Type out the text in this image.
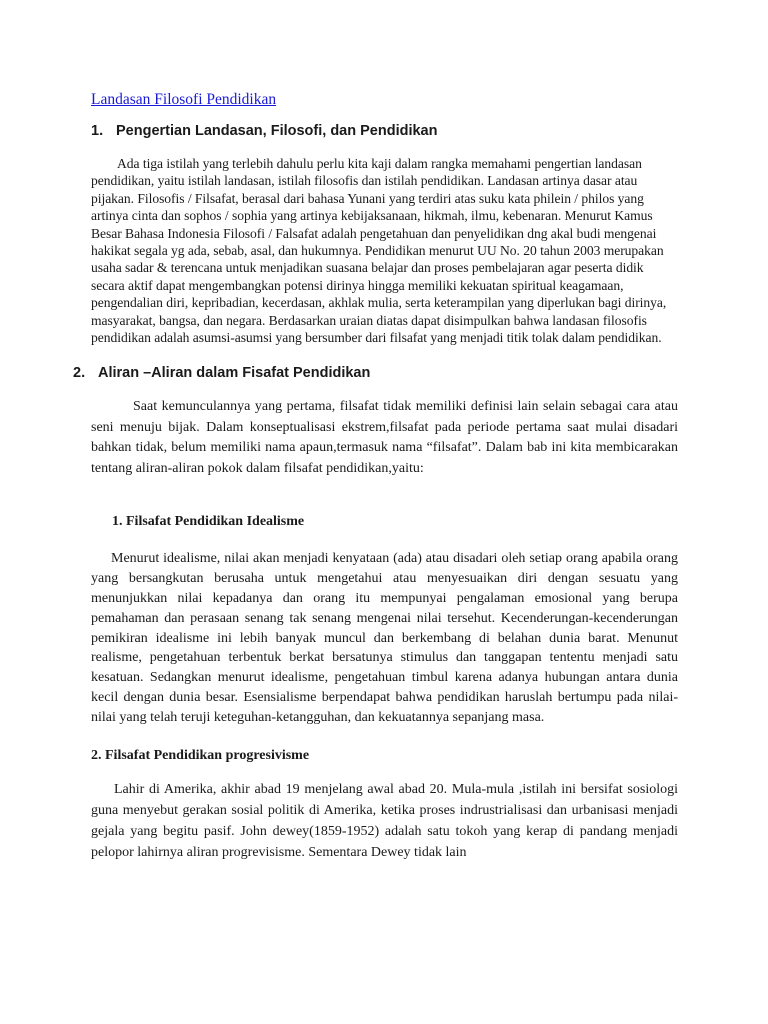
Landasan Filosofi Pendidikan
1. Pengertian Landasan, Filosofi, dan Pendidikan

Ada tiga istilah yang terlebih dahulu perlu kita kaji dalam rangka memahami pengertian landasan pendidikan, yaitu istilah landasan, istilah filosofis dan istilah pendidikan. Landasan artinya dasar atau pijakan. Filosofis / Filsafat, berasal dari bahasa Yunani yang terdiri atas suku kata philein / philos yang artinya cinta dan sophos / sophia yang artinya kebijaksanaan, hikmah, ilmu, kebenaran. Menurut Kamus Besar Bahasa Indonesia Filosofi / Falsafat adalah pengetahuan dan penyelidikan dng akal budi mengenai hakikat segala yg ada, sebab, asal, dan hukumnya. Pendidikan menurut UU No. 20 tahun 2003 merupakan usaha sadar & terencana untuk menjadikan suasana belajar dan proses pembelajaran agar peserta didik secara aktif dapat mengembangkan potensi dirinya hingga memiliki kekuatan spiritual keagamaan, pengendalian diri, kepribadian, kecerdasan, akhlak mulia, serta keterampilan yang diperlukan bagi dirinya, masyarakat, bangsa, dan negara. Berdasarkan uraian diatas dapat disimpulkan bahwa landasan filosofis pendidikan adalah asumsi-asumsi yang bersumber dari filsafat yang menjadi titik tolak dalam pendidikan.

2. Aliran –Aliran dalam Fisafat Pendidikan

Saat kemunculannya yang pertama, filsafat tidak memiliki definisi lain selain sebagai cara atau seni menuju bijak. Dalam konseptualisasi ekstrem,filsafat pada periode pertama saat mulai disadari bahkan tidak, belum memiliki nama apaun,termasuk nama “filsafat”. Dalam bab ini kita membicarakan tentang aliran-aliran pokok dalam filsafat pendidikan,yaitu:

1. Filsafat Pendidikan Idealisme

Menurut idealisme, nilai akan menjadi kenyataan (ada) atau disadari oleh setiap orang apabila orang yang bersangkutan berusaha untuk mengetahui atau menyesuaikan diri dengan sesuatu yang menunjukkan nilai kepadanya dan orang itu mempunyai pengalaman emosional yang berupa pemahaman dan perasaan senang tak senang mengenai nilai tersehut. Kecenderungan-kecenderungan pemikiran idealisme ini lebih banyak muncul dan berkembang di belahan dunia barat. Menunut realisme, pengetahuan terbentuk berkat bersatunya stimulus dan tanggapan tententu menjadi satu kesatuan. Sedangkan menurut idealisme, pengetahuan timbul karena adanya hubungan antara dunia kecil dengan dunia besar. Esensialisme berpendapat bahwa pendidikan haruslah bertumpu pada nilai- nilai yang telah teruji keteguhan-ketangguhan, dan kekuatannya sepanjang masa.

2. Filsafat Pendidikan progresivisme

Lahir di Amerika, akhir abad 19 menjelang awal abad 20. Mula-mula ,istilah ini bersifat sosiologi guna menyebut gerakan sosial politik di Amerika, ketika proses indrustrialisasi dan urbanisasi menjadi gejala yang begitu pasif. John dewey(1859-1952) adalah satu tokoh yang kerap di pandang menjadi pelopor lahirnya aliran progrevisisme. Sementara Dewey tidak lain
